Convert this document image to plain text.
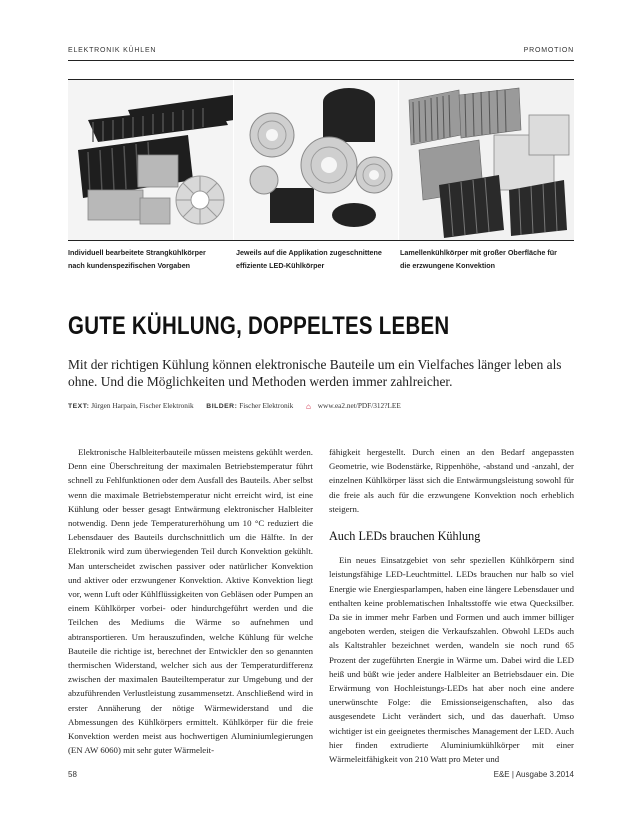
ELEKTRONIK KÜHLEN	PROMOTION
Individuell bearbeitete Strangkühlkörper
nach kundenspezifischen Vorgaben
Jeweils auf die Applikation zugeschnittene
effiziente LED-Kühlkörper
Lamellenkühlkörper mit großer Oberfläche für
die erzwungene Konvektion
GUTE KÜHLUNG, DOPPELTES LEBEN
Mit der richtigen Kühlung können elektronische Bauteile um ein Vielfaches länger leben als ohne. Und die Möglichkeiten und Methoden werden immer zahlreicher.
TEXT: Jürgen Harpain, Fischer Elektronik BILDER: Fischer Elektronik ⌂ www.ea2.net/PDF/312?LEE

Elektronische Halbleiterbauteile müssen meistens gekühlt werden. Denn eine Überschreitung der maximalen Betriebstemperatur führt schnell zu Fehlfunktionen oder dem Ausfall des Bauteils. Aber selbst wenn die maximale Betriebstemperatur nicht erreicht wird, ist eine Kühlung oder besser gesagt Entwärmung elektronischer Halbleiter notwendig. Denn jede Temperaturerhöhung um 10 °C reduziert die Lebensdauer des Bauteils durchschnittlich um die Hälfte. In der Elektronik wird zum überwiegenden Teil durch Konvektion gekühlt. Man unterscheidet zwischen passiver oder natürlicher Konvektion und aktiver oder erzwungener Konvektion. Aktive Konvektion liegt vor, wenn Luft oder Kühlflüssigkeiten von Gebläsen oder Pumpen an einem Kühlkörper vorbei- oder hindurchgeführt werden und die Teilchen des Mediums die Wärme so aufnehmen und abtransportieren. Um herauszufinden, welche Kühlung für welche Bauteile die richtige ist, berechnet der Entwickler den so genannten thermischen Widerstand, welcher sich aus der Temperaturdifferenz zwischen der maximalen Bauteiltemperatur zur Umgebung und der abzuführenden Verlustleistung zusammensetzt. Anschließend wird in erster Annäherung der nötige Wärmewiderstand und die Abmessungen des Kühlkörpers ermittelt. Kühlkörper für die freie Konvektion werden meist aus hochwertigen Aluminiumlegierungen (EN AW 6060) mit sehr guter Wärmeleit-

fähigkeit hergestellt. Durch einen an den Bedarf angepassten Geometrie, wie Bodenstärke, Rippenhöhe, -abstand und -anzahl, der einzelnen Kühlkörper lässt sich die Entwärmungsleistung sowohl für die freie als auch für die erzwungene Konvektion noch erheblich steigern.

Auch LEDs brauchen Kühlung

Ein neues Einsatzgebiet von sehr speziellen Kühlkörpern sind leistungsfähige LED-Leuchtmittel. LEDs brauchen nur halb so viel Energie wie Energiesparlampen, haben eine längere Lebensdauer und enthalten keine problematischen Inhaltsstoffe wie etwa Quecksilber. Da sie in immer mehr Farben und Formen und auch immer billiger angeboten werden, steigen die Verkaufszahlen. Obwohl LEDs auch als Kaltstrahler bezeichnet werden, wandeln sie noch rund 65 Prozent der zugeführten Energie in Wärme um. Dabei wird die LED heiß und büßt wie jeder andere Halbleiter an Betriebsdauer ein. Die Erwärmung von Hochleistungs-LEDs hat aber noch eine andere unerwünschte Folge: die Emissionseigenschaften, also das ausgesendete Licht verändert sich, und das dauerhaft. Umso wichtiger ist ein geeignetes thermisches Management der LED. Auch hier finden extrudierte Aluminiumkühlkörper mit einer Wärmeleitfähigkeit von 210 Watt pro Meter und

58	E&E | Ausgabe 3.2014
